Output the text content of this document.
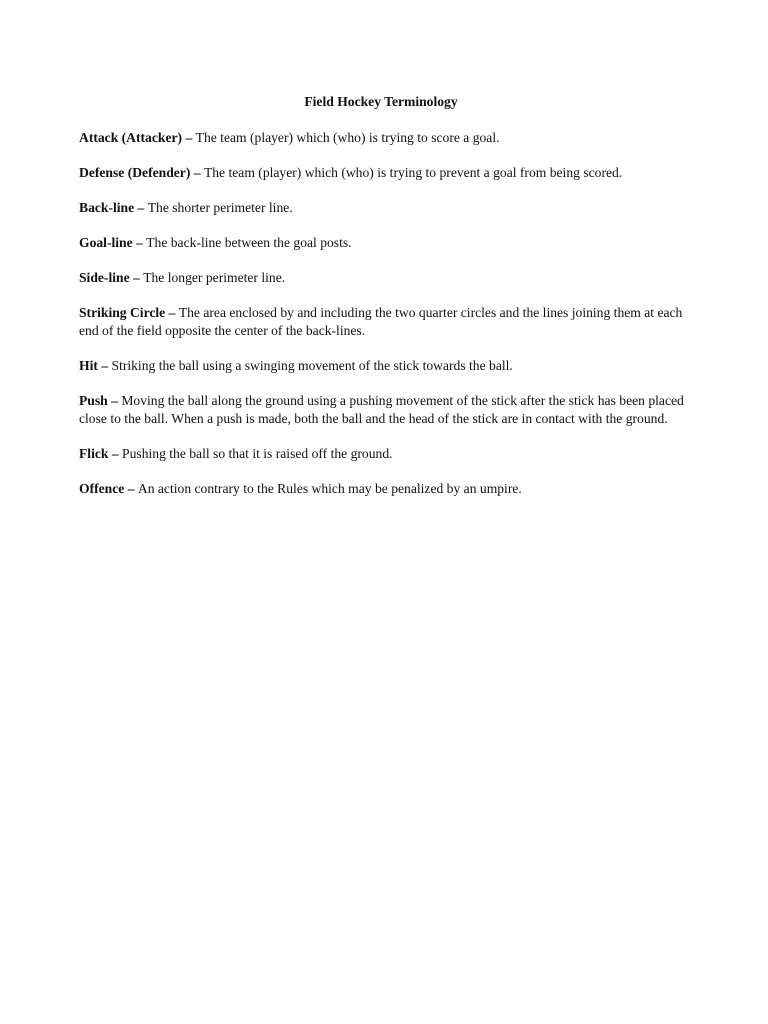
Field Hockey Terminology

Attack (Attacker) – The team (player) which (who) is trying to score a goal.

Defense (Defender) – The team (player) which (who) is trying to prevent a goal from being scored.

Back-line – The shorter perimeter line.

Goal-line – The back-line between the goal posts.

Side-line – The longer perimeter line.

Striking Circle – The area enclosed by and including the two quarter circles and the lines joining them at each end of the field opposite the center of the back-lines.

Hit – Striking the ball using a swinging movement of the stick towards the ball.

Push – Moving the ball along the ground using a pushing movement of the stick after the stick has been placed close to the ball. When a push is made, both the ball and the head of the stick are in contact with the ground.

Flick – Pushing the ball so that it is raised off the ground.

Offence – An action contrary to the Rules which may be penalized by an umpire.
